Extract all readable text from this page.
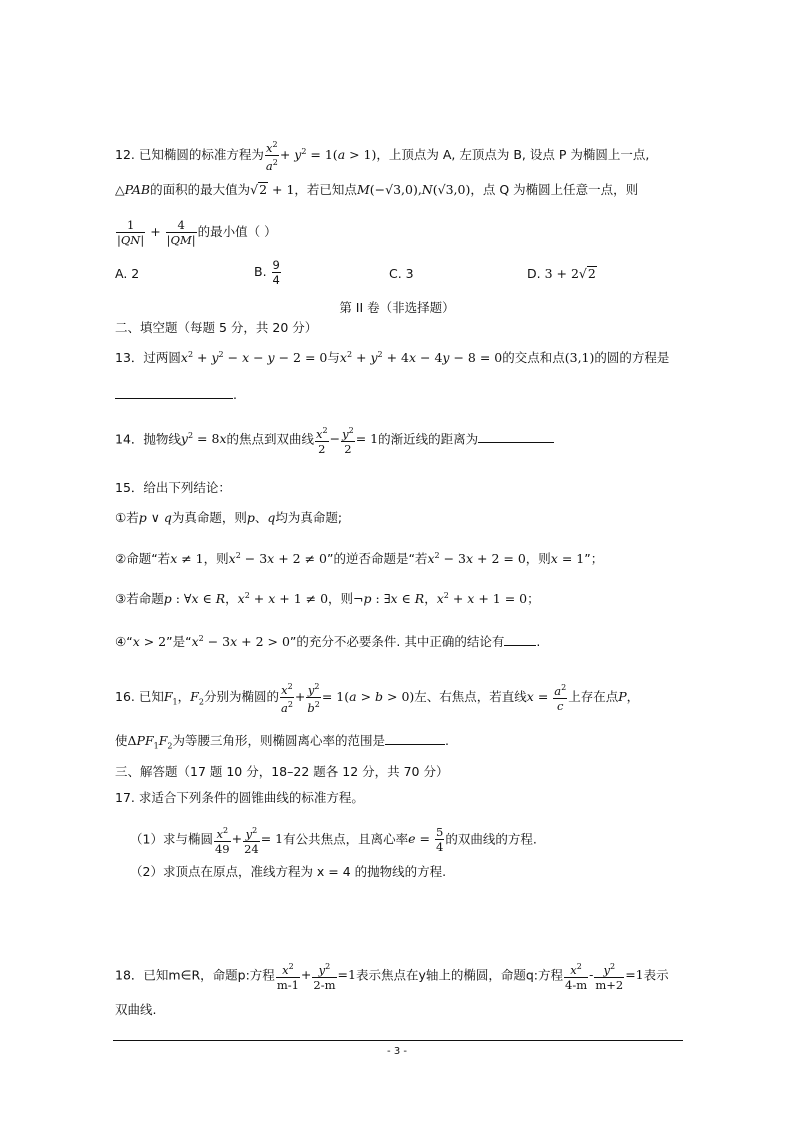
12. 已知椭圆的标准方程为 $\frac{x^2}{a^2} + y^2 = 1(a > 1)$，上顶点为 A, 左顶点为 B, 设点 P 为椭圆上一点,
△PAB的面积的最大值为√2 + 1，若已知点M(−√3,0),N(√3,0)，点 Q 为椭圆上任意一点，则
$\frac{1}{|QN|} + \frac{4}{|QM|}$ 的最小值（ ）
A. 2	B. $\frac{9}{4}$	C. 3	D. 3 + 2√2
第 II 卷（非选择题）
二、填空题（每题 5 分，共 20 分）
13．过两圆$x^2 + y^2 - x - y - 2 = 0$与$x^2 + y^2 + 4x - 4y - 8 = 0$的交点和点(3,1)的圆的方程是
.
14．抛物线$y^2 = 8x$的焦点到双曲线 $\frac{x^2}{2} - \frac{y^2}{2} = 1$的渐近线的距离为
15．给出下列结论：
①若p ∨ q为真命题，则p、q均为真命题;
②命题“若x ≠ 1，则$x^2 - 3x + 2 \ne 0$”的逆否命题是“若$x^2 - 3x + 2 = 0$，则x = 1”；
③若命题p : ∀x ∈ R，$x^2 + x + 1 \ne 0$，则¬p : ∃x ∈ R，$x^2 + x + 1 = 0$；
④“x > 2”是“$x^2 - 3x + 2 > 0$”的充分不必要条件. 其中正确的结论有	.
16. 已知$F_1$，$F_2$分别为椭圆的 $\frac{x^2}{a^2} + \frac{y^2}{b^2} = 1(a > b > 0)$左、右焦点，若直线$x = \frac{a^2}{c}$ 上存在点P，
使$\Delta PF_1F_2$为等腰三角形，则椭圆离心率的范围是	.
三、解答题（17 题 10 分，18–22 题各 12 分，共 70 分）
17. 求适合下列条件的圆锥曲线的标准方程。
（1）求与椭圆 $\frac{x^2}{49} + \frac{y^2}{24} = 1$有公共焦点，且离心率$e = \frac{5}{4}$ 的双曲线的方程.
（2）求顶点在原点，准线方程为 x = 4 的抛物线的方程.
18．已知m∈R，命题p:方程 $\frac{x^2}{m-1} + \frac{y^2}{2-m} =1$表示焦点在y轴上的椭圆，命题q:方程 $\frac{x^2}{4-m} - \frac{y^2}{m+2} =1$表示
双曲线.
- 3 -
